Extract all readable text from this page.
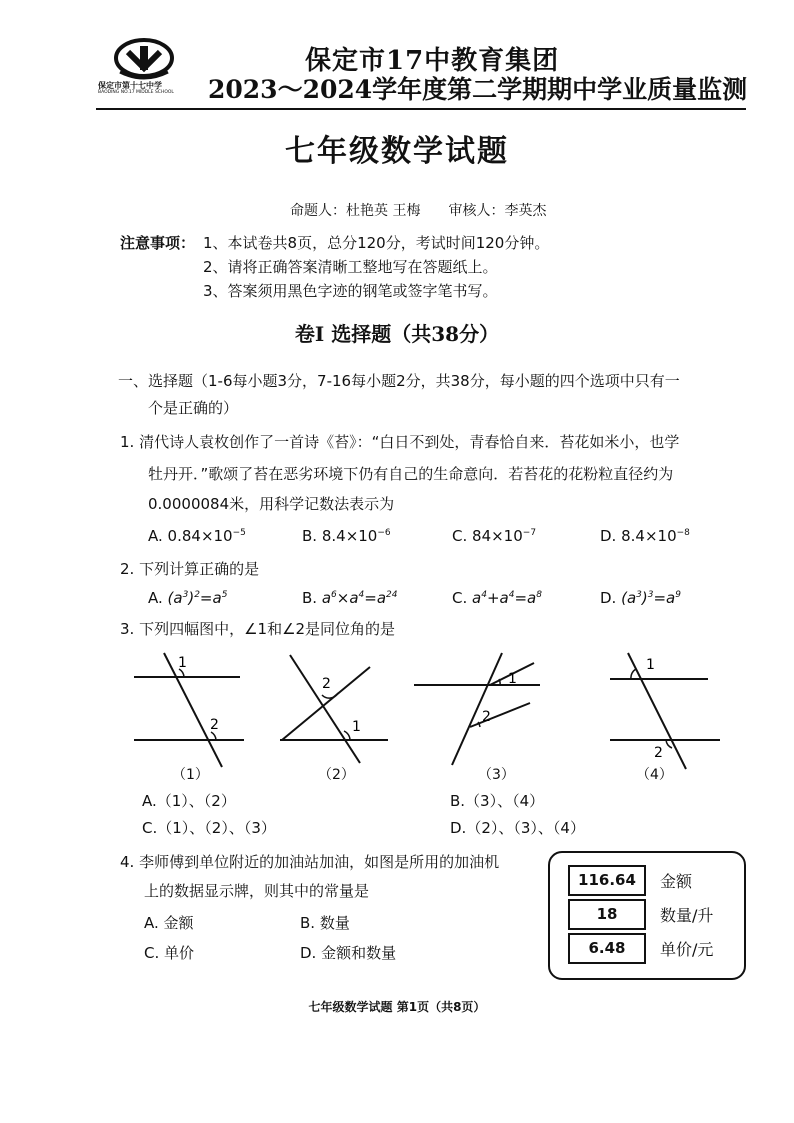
保定市第十七中学
BAODING NO.17 MIDDLE SCHOOL
保定市17中教育集团
2023～2024学年度第二学期期中学业质量监测
七年级数学试题
命题人：杜艳英 王梅　　审核人：李英杰
注意事项： 1、本试卷共8页，总分120分，考试时间120分钟。
2、请将正确答案清晰工整地写在答题纸上。
3、答案须用黑色字迹的钢笔或签字笔书写。
卷I 选择题（共38分）
一、选择题（1-6每小题3分，7-16每小题2分，共38分，每小题的四个选项中只有一
个是正确的）
1. 清代诗人袁枚创作了一首诗《苔》：“白日不到处，青春恰自来．苔花如米小，也学
牡丹开．”歌颂了苔在恶劣环境下仍有自己的生命意向．若苔花的花粉粒直径约为
0.0000084米，用科学记数法表示为
A. $0.84\times 10^{-5}$	B. $8.4\times 10^{-6}$	C. $84\times 10^{-7}$	D. $8.4\times 10^{-8}$
2. 下列计算正确的是
A. $(a^3)^2=a^5$	B. $a^6\times a^4=a^{24}$	C. $a^4+a^4=a^8$	D. $(a^3)^3=a^9$
3. 下列四幅图中，∠1和∠2是同位角的是
1
2
2
1
1
2
1
2
（1）	（2）	（3）	（4）
A.（1）、（2）	B.（3）、（4）
C.（1）、（2）、（3）	D.（2）、（3）、（4）
4. 李师傅到单位附近的加油站加油，如图是所用的加油机
上的数据显示牌，则其中的常量是
A. 金额	B. 数量
C. 单价	D. 金额和数量
116.64	金额
18	数量/升
6.48	单价/元
七年级数学试题 第1页（共8页）
